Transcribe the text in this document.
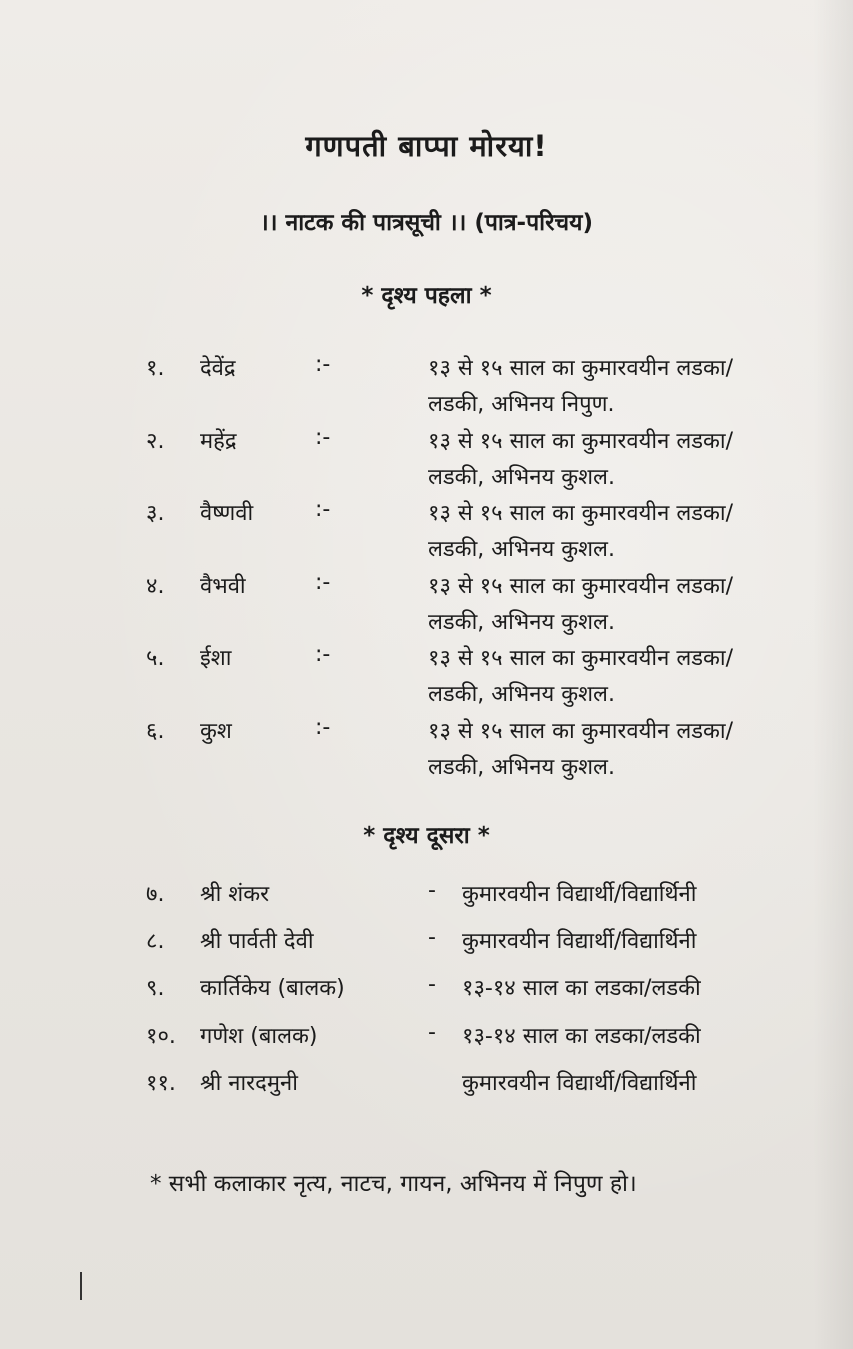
गणपती बाप्पा मोरया!
।। नाटक की पात्रसूची ।। (पात्र-परिचय)
* दृश्य पहला *
१. देवेंद्र	:-	१३ से १५ साल का कुमारवयीन लडका/
लडकी, अभिनय निपुण.
२. महेंद्र	:-	१३ से १५ साल का कुमारवयीन लडका/
लडकी, अभिनय कुशल.
३. वैष्णवी	:-	१३ से १५ साल का कुमारवयीन लडका/
लडकी, अभिनय कुशल.
४. वैभवी	:-	१३ से १५ साल का कुमारवयीन लडका/
लडकी, अभिनय कुशल.
५. ईशा	:-	१३ से १५ साल का कुमारवयीन लडका/
लडकी, अभिनय कुशल.
६. कुश	:-	१३ से १५ साल का कुमारवयीन लडका/
लडकी, अभिनय कुशल.
* दृश्य दूसरा *
७. श्री शंकर	- कुमारवयीन विद्यार्थी/विद्यार्थिनी
८. श्री पार्वती देवी	- कुमारवयीन विद्यार्थी/विद्यार्थिनी
९. कार्तिकेय (बालक)	- १३-१४ साल का लडका/लडकी
१०. गणेश (बालक)	- १३-१४ साल का लडका/लडकी
११. श्री नारदमुनी	कुमारवयीन विद्यार्थी/विद्यार्थिनी
* सभी कलाकार नृत्य, नाटच, गायन, अभिनय में निपुण हो।
